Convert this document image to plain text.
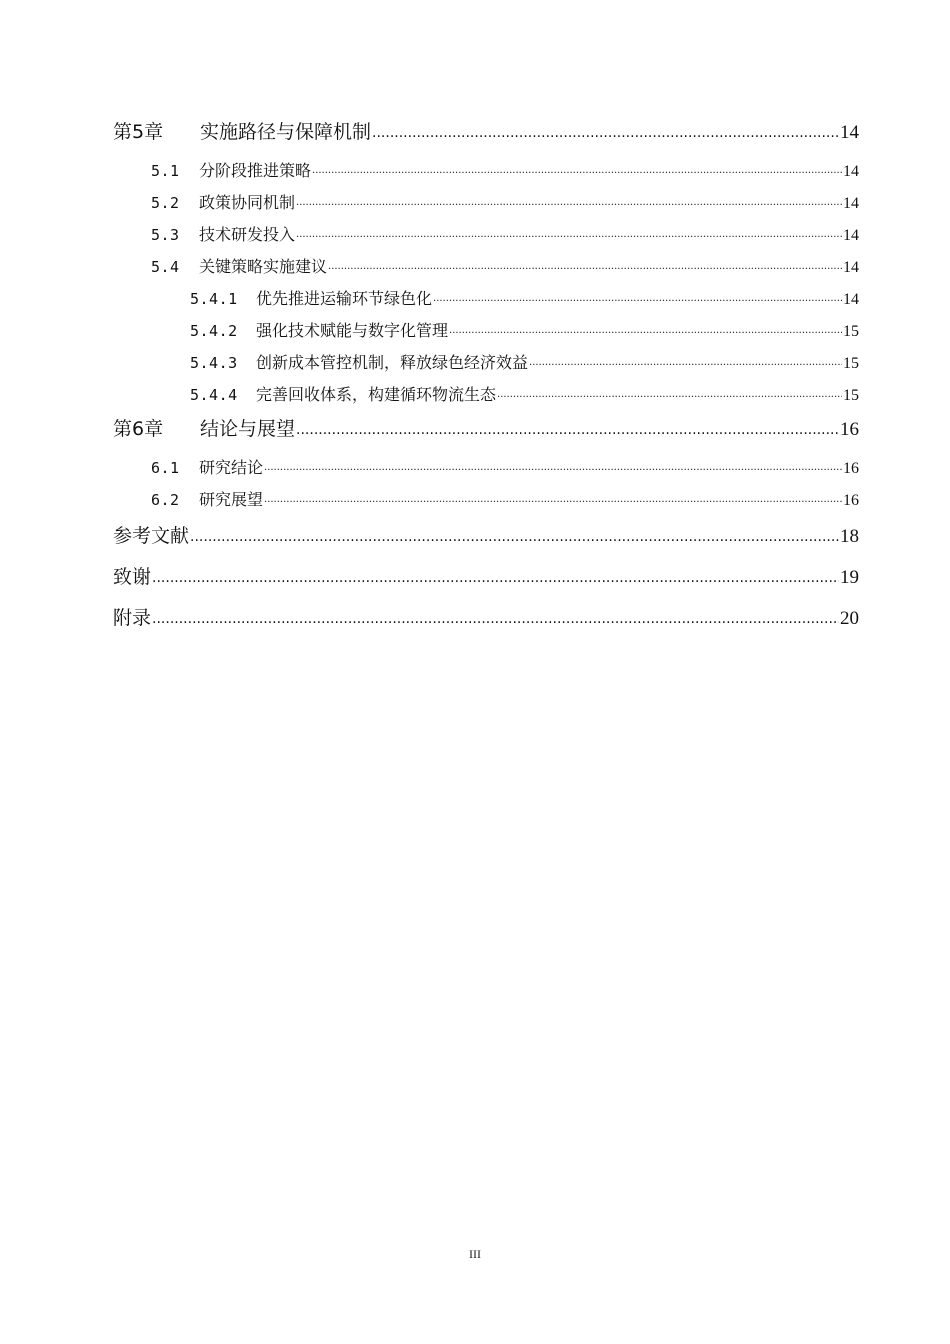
第5章	实施路径与保障机制 .....	14
5.1	分阶段推进策略 .....	14
5.2	政策协同机制 .....	14
5.3	技术研发投入 .....	14
5.4	关键策略实施建议 .....	14
5.4.1	优先推进运输环节绿色化 .....	14
5.4.2	强化技术赋能与数字化管理 .....	15
5.4.3	创新成本管控机制，释放绿色经济效益 .....	15
5.4.4	完善回收体系，构建循环物流生态 .....	15
第6章	结论与展望 .....	16
6.1	研究结论 .....	16
6.2	研究展望 .....	16
参考文献 .....	18
致谢 .....	19
附录 .....	20
III
